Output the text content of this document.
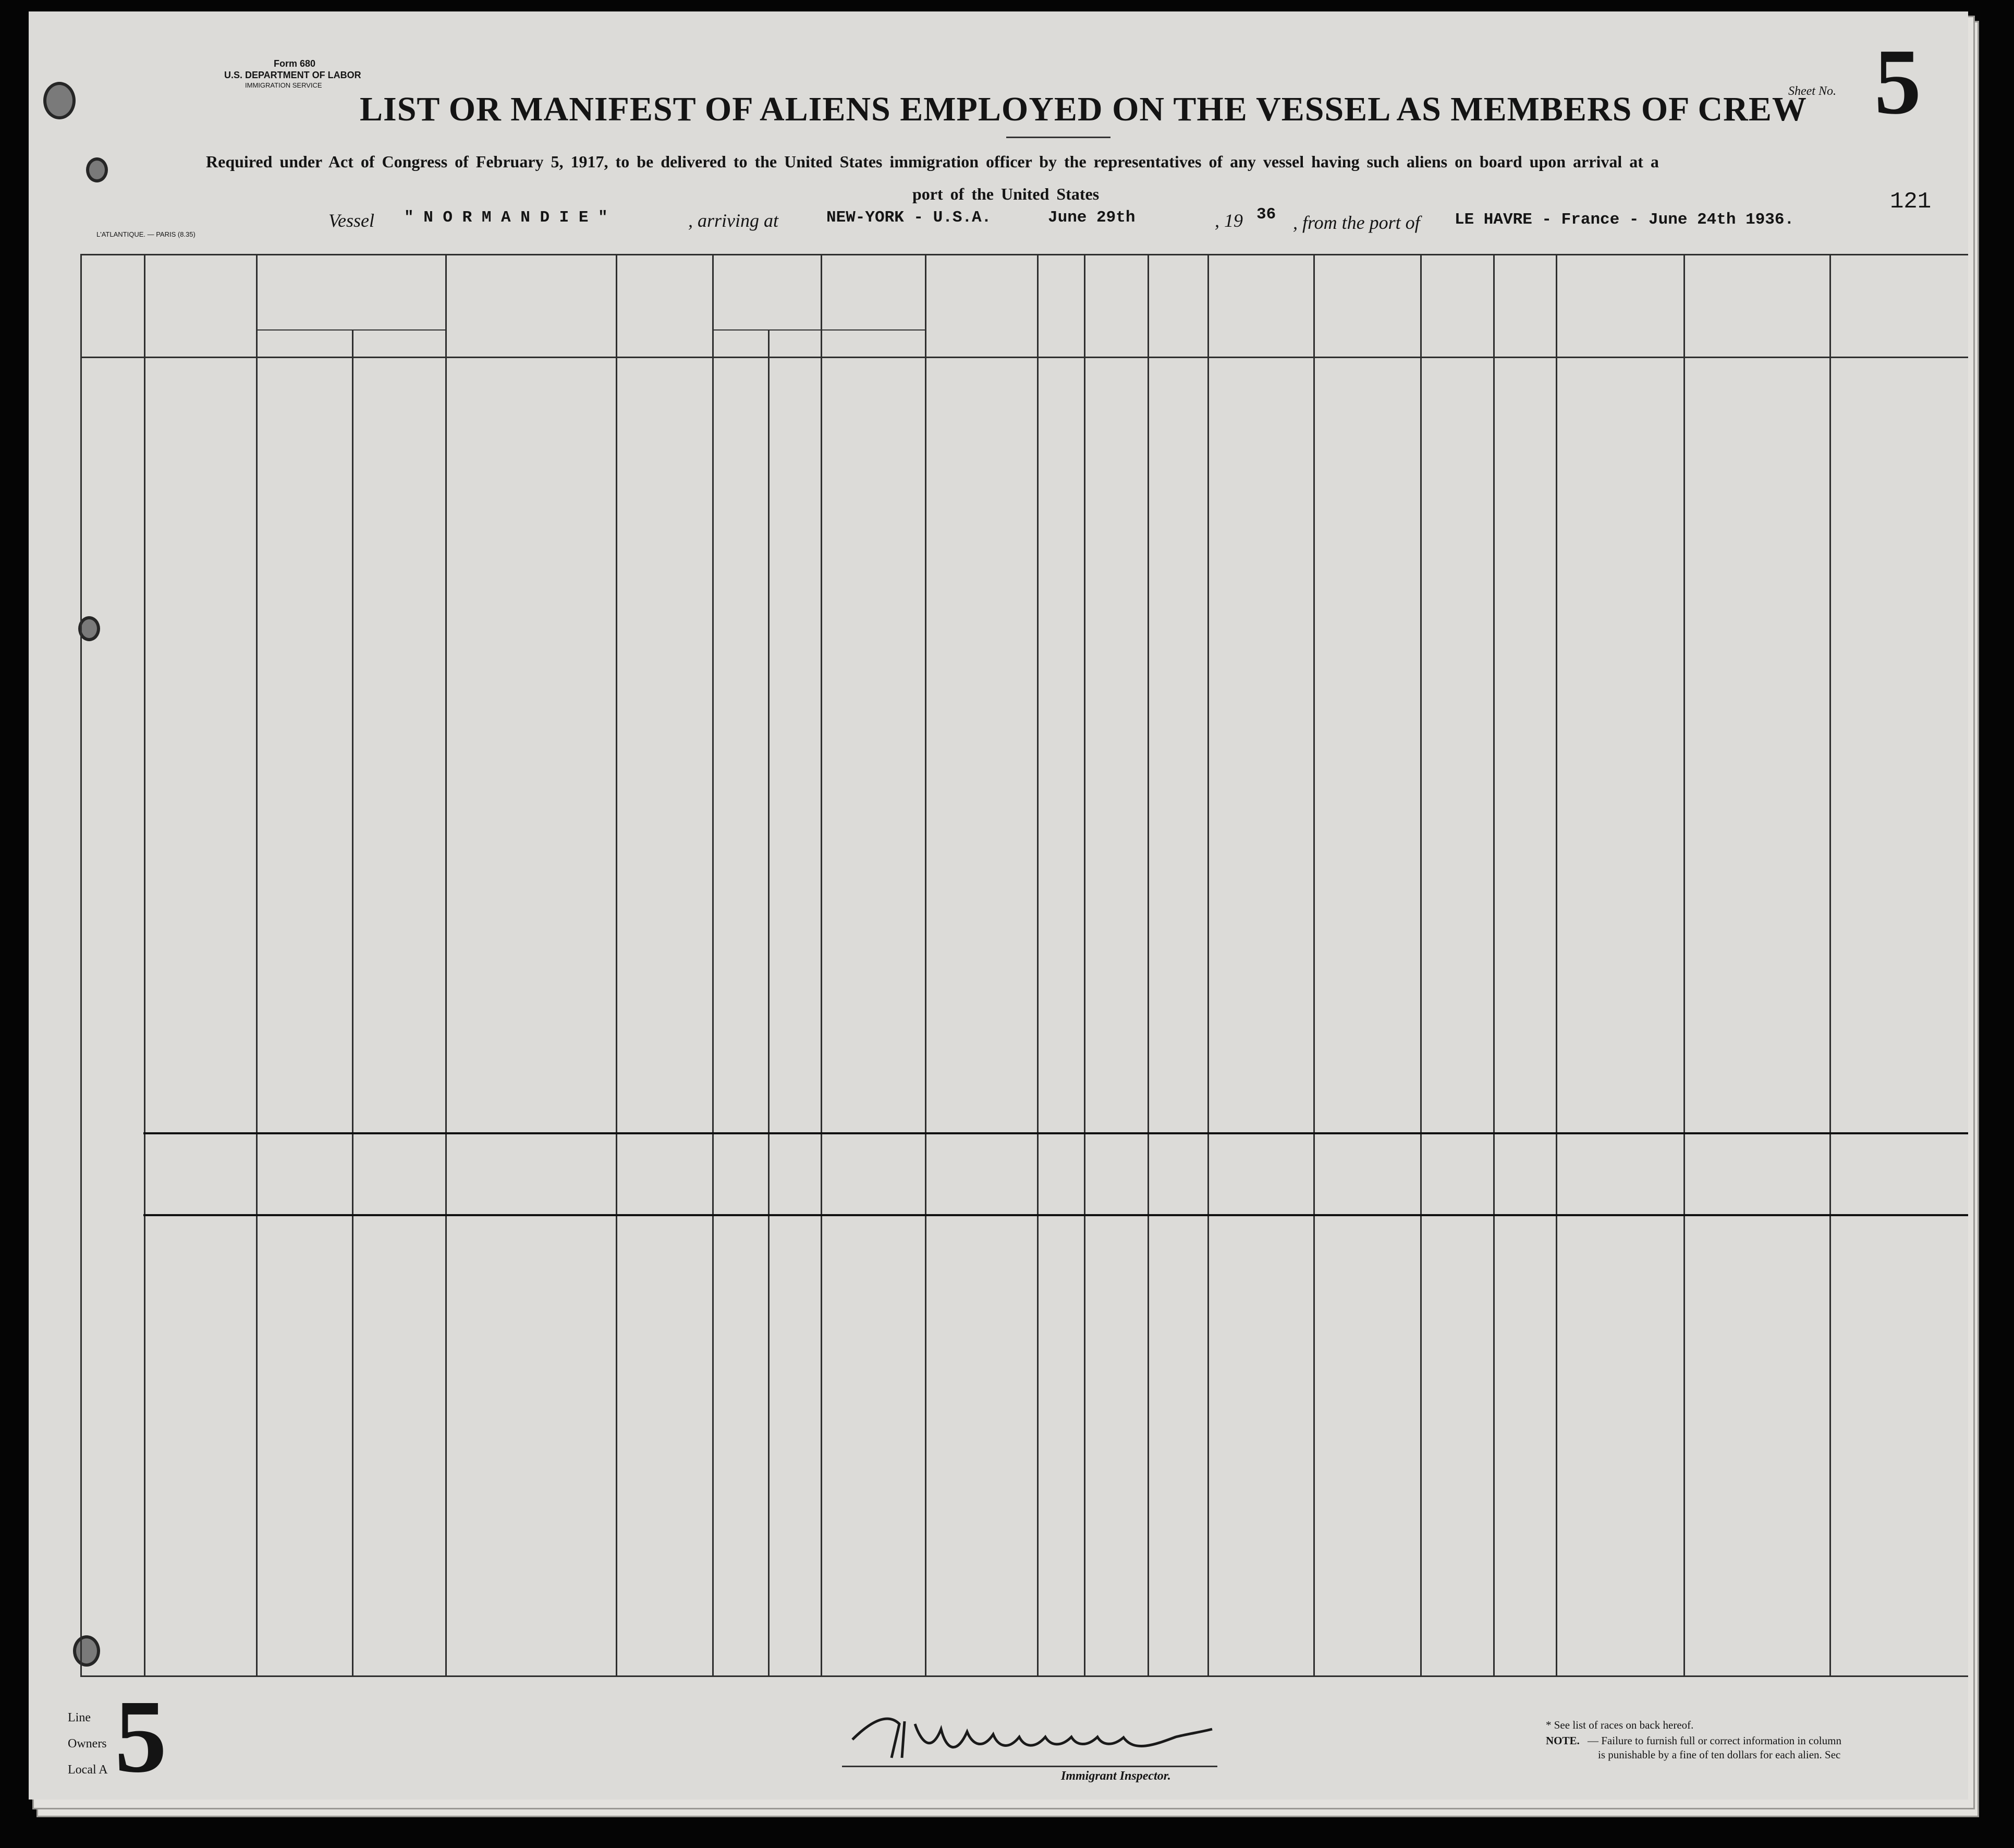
Form 680
U.S. DEPARTMENT OF LABOR
IMMIGRATION SERVICE
LIST OR MANIFEST OF ALIENS EMPLOYED ON THE VESSEL AS MEMBERS OF CREW
Sheet No. 5
121
Required under Act of Congress of February 5, 1917, to be delivered to the United States immigration officer by the representatives of any vessel having such aliens on board upon arrival at a
port of the United States
L'ATLANTIQUE. — PARIS (8.35)
Vessel " N O R M A N D I E "	, arriving at	NEW-YORK - U.S.A.	June 29th	, 19 36 , from the port of LE HAVRE - France - June 24th 1936.
Immigrant Inspector.
Line
Owners
Local A 5	* See list of races on back hereof.
NOTE. — Failure to furnish full or correct information in column
is punishable by a fine of ten dollars for each alien. Sec
